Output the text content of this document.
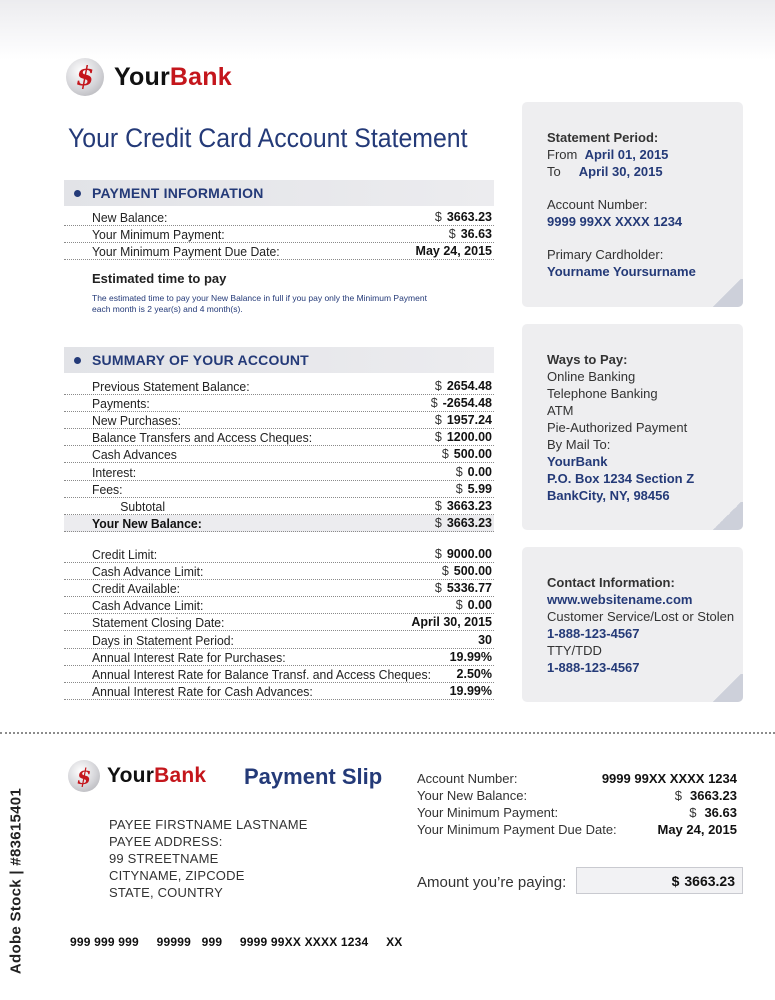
$ YourBank
Your Credit Card Account Statement
PAYMENT INFORMATION
New Balance:	$ 3663.23
Your Minimum Payment:	$ 36.63
Your Minimum Payment Due Date:	May 24, 2015
Estimated time to pay
The estimated time to pay your New Balance in full if you pay only the Minimum Payment each month is 2 year(s) and 4 month(s).
SUMMARY OF YOUR ACCOUNT
Previous Statement Balance:	$ 2654.48
Payments:	$ -2654.48
New Purchases:	$ 1957.24
Balance Transfers and Access Cheques:	$ 1200.00
Cash Advances	$ 500.00
Interest:	$ 0.00
Fees:	$ 5.99
Subtotal	$ 3663.23
Your New Balance:	$ 3663.23
Credit Limit:	$ 9000.00
Cash Advance Limit:	$ 500.00
Credit Available:	$ 5336.77
Cash Advance Limit:	$ 0.00
Statement Closing Date:	April 30, 2015
Days in Statement Period:	30
Annual Interest Rate for Purchases:	19.99%
Annual Interest Rate for Balance Transf. and Access Cheques: 2.50%
Annual Interest Rate for Cash Advances:	19.99%
Statement Period:
From April 01, 2015
To April 30, 2015
Account Number:
9999 99XX XXXX 1234
Primary Cardholder:
Yourname Yoursurname
Ways to Pay:
Online Banking
Telephone Banking
ATM
Pie-Authorized Payment
By Mail To:
YourBank
P.O. Box 1234 Section Z
BankCity, NY, 98456
Contact Information:
www.websitename.com
Customer Service/Lost or Stolen
1-888-123-4567
TTY/TDD
1-888-123-4567
$ YourBank Payment Slip
PAYEE FIRSTNAME LASTNAME
PAYEE ADDRESS:
99 STREETNAME
CITYNAME, ZIPCODE
STATE, COUNTRY
Account Number:	9999 99XX XXXX 1234
Your New Balance:	$ 3663.23
Your Minimum Payment:	$ 36.63
Your Minimum Payment Due Date:	May 24, 2015
Amount you’re paying:	$ 3663.23
999 999 999     99999   999     9999 99XX XXXX 1234     XX
Adobe Stock | #83615401
